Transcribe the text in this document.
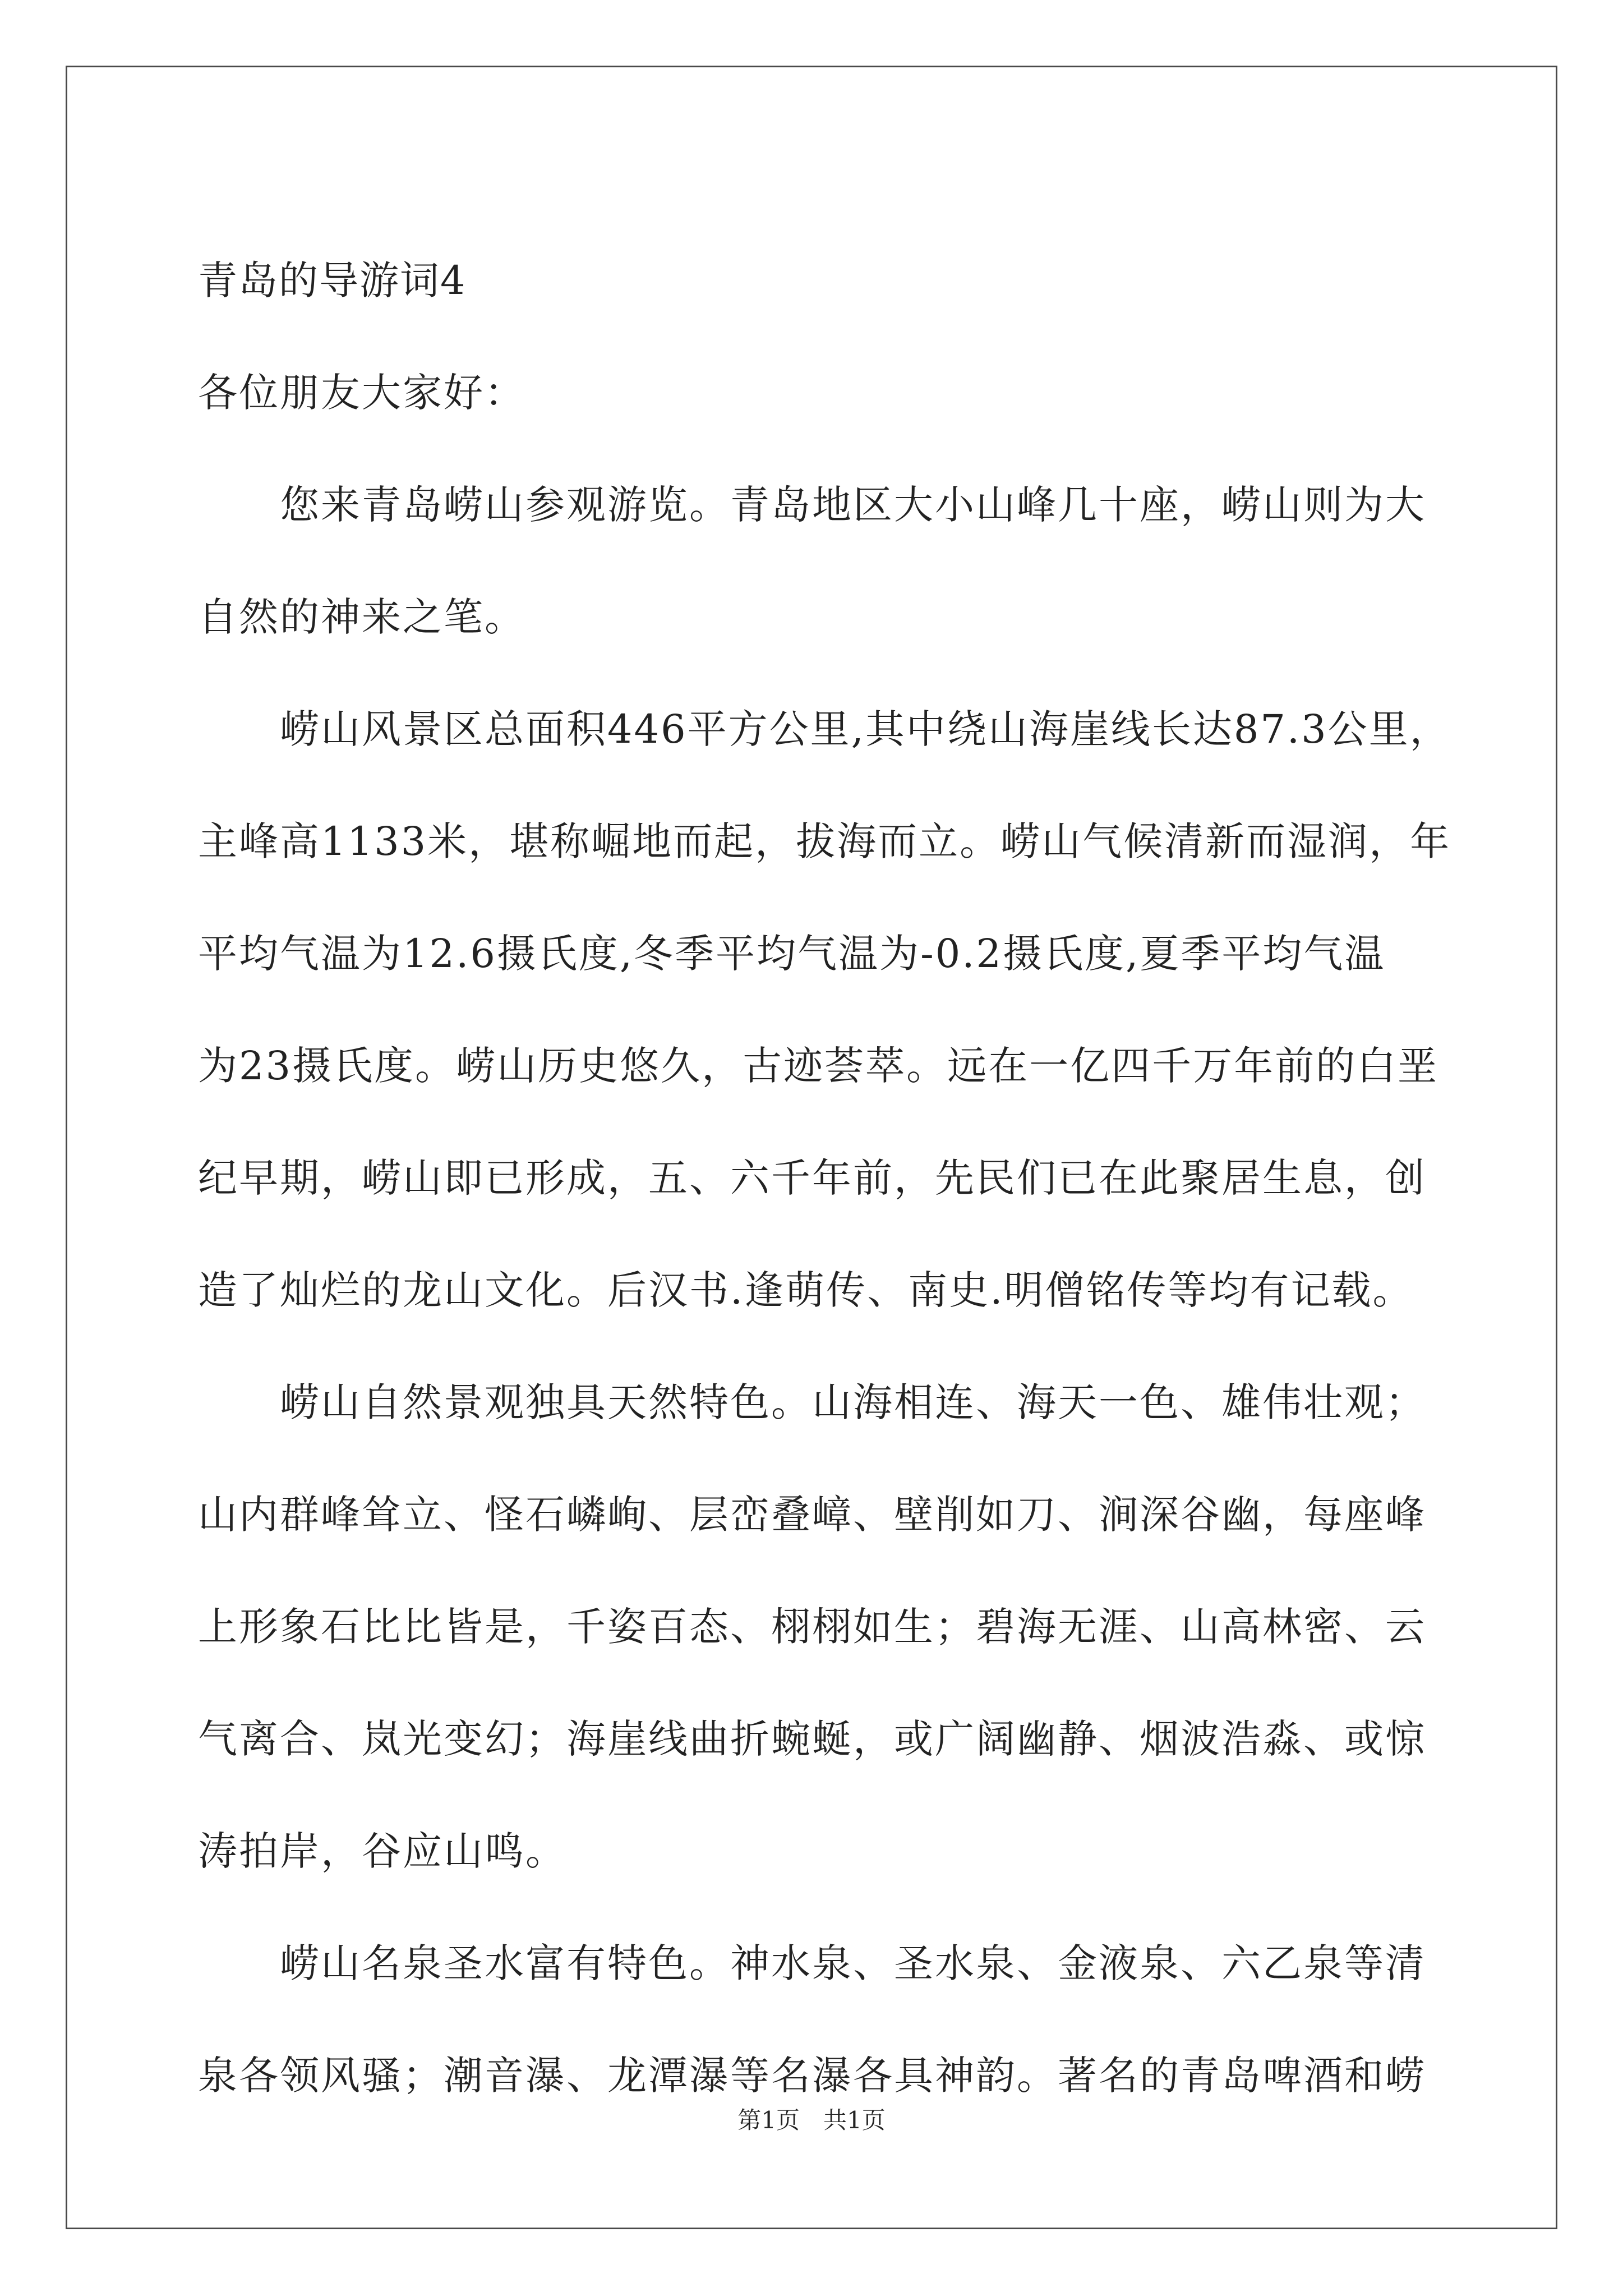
青岛的导游词4
各位朋友大家好：
　　您来青岛崂山参观游览。青岛地区大小山峰几十座，崂山则为大
自然的神来之笔。
　　崂山风景区总面积446平方公里,其中绕山海崖线长达87.3公里，
主峰高1133米，堪称崛地而起，拔海而立。崂山气候清新而湿润，年
平均气温为12.6摄氏度,冬季平均气温为-0.2摄氏度,夏季平均气温
为23摄氏度。崂山历史悠久，古迹荟萃。远在一亿四千万年前的白垩
纪早期，崂山即已形成，五、六千年前，先民们已在此聚居生息，创
造了灿烂的龙山文化。后汉书.逢萌传、南史.明僧铭传等均有记载。
　　崂山自然景观独具天然特色。山海相连、海天一色、雄伟壮观；
山内群峰耸立、怪石嶙峋、层峦叠嶂、壁削如刀、涧深谷幽，每座峰
上形象石比比皆是，千姿百态、栩栩如生；碧海无涯、山高林密、云
气离合、岚光变幻；海崖线曲折蜿蜒，或广阔幽静、烟波浩淼、或惊
涛拍岸，谷应山鸣。
　　崂山名泉圣水富有特色。神水泉、圣水泉、金液泉、六乙泉等清
泉各领风骚；潮音瀑、龙潭瀑等名瀑各具神韵。著名的青岛啤酒和崂
第1页　共1页
